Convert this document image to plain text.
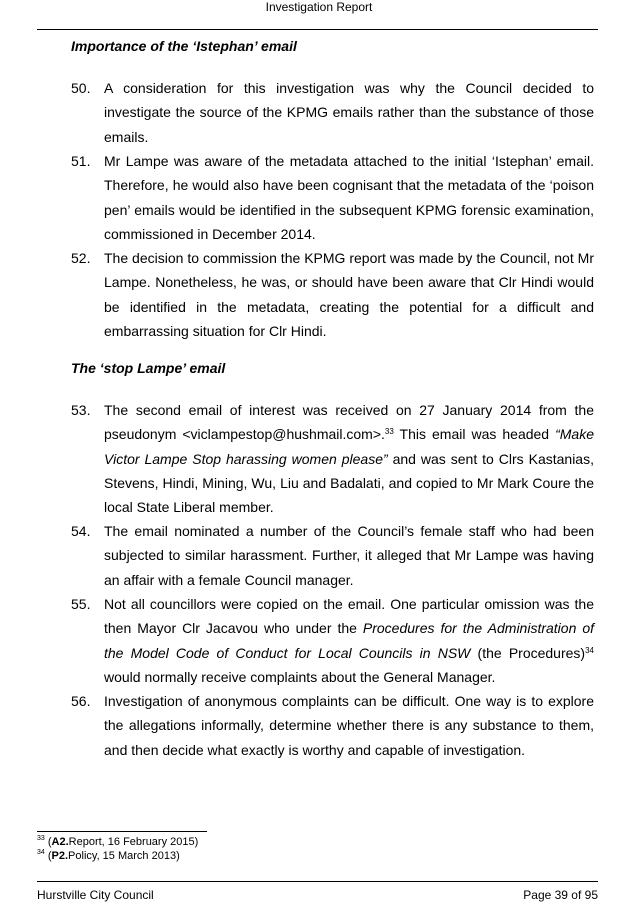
Investigation Report
Importance of the ‘Istephan’ email
50. A consideration for this investigation was why the Council decided to investigate the source of the KPMG emails rather than the substance of those emails.
51. Mr Lampe was aware of the metadata attached to the initial ‘Istephan’ email. Therefore, he would also have been cognisant that the metadata of the ‘poison pen’ emails would be identified in the subsequent KPMG forensic examination, commissioned in December 2014.
52. The decision to commission the KPMG report was made by the Council, not Mr Lampe. Nonetheless, he was, or should have been aware that Clr Hindi would be identified in the metadata, creating the potential for a difficult and embarrassing situation for Clr Hindi.
The ‘stop Lampe’ email
53. The second email of interest was received on 27 January 2014 from the pseudonym <viclampestop@hushmail.com>.$^{33}$ This email was headed “Make Victor Lampe Stop harassing women please” and was sent to Clrs Kastanias, Stevens, Hindi, Mining, Wu, Liu and Badalati, and copied to Mr Mark Coure the local State Liberal member.
54. The email nominated a number of the Council’s female staff who had been subjected to similar harassment. Further, it alleged that Mr Lampe was having an affair with a female Council manager.
55. Not all councillors were copied on the email. One particular omission was the then Mayor Clr Jacavou who under the Procedures for the Administration of the Model Code of Conduct for Local Councils in NSW (the Procedures)$^{34}$ would normally receive complaints about the General Manager.
56. Investigation of anonymous complaints can be difficult. One way is to explore the allegations informally, determine whether there is any substance to them, and then decide what exactly is worthy and capable of investigation.
$^{33}$ (A2.Report, 16 February 2015)
$^{34}$ (P2.Policy, 15 March 2013)
Hurstville City Council	Page 39 of 95
